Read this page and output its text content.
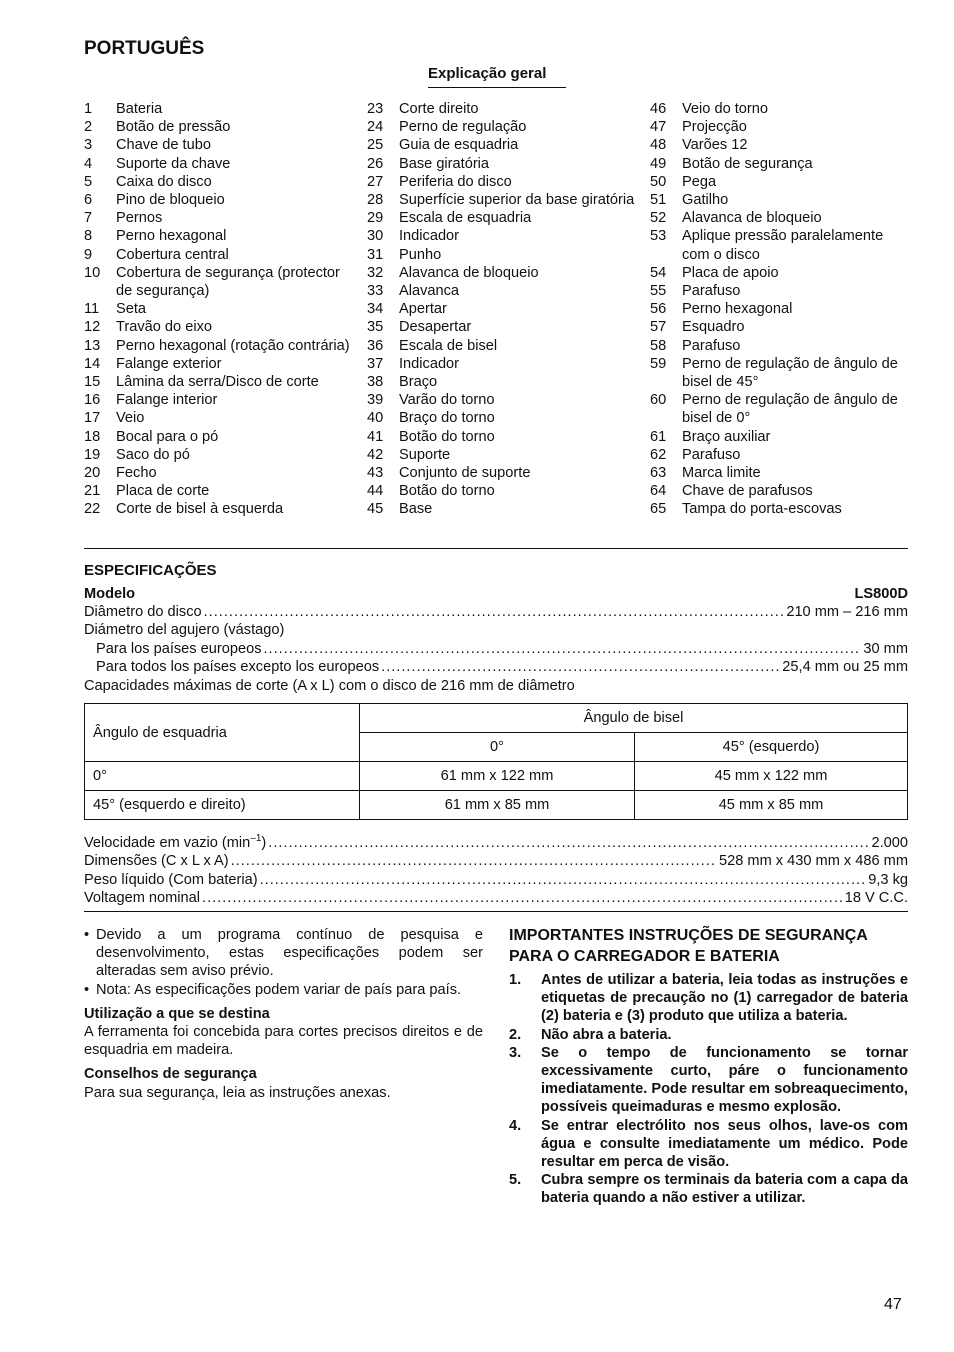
PORTUGUÊS
Explicação geral
1	Bateria
2	Botão de pressão
3	Chave de tubo
4	Suporte da chave
5	Caixa do disco
6	Pino de bloqueio
7	Pernos
8	Perno hexagonal
9	Cobertura central
10	Cobertura de segurança (protector de segurança)
11	Seta
12	Travão do eixo
13	Perno hexagonal (rotação contrária)
14	Falange exterior
15	Lâmina da serra/Disco de corte
16	Falange interior
17	Veio
18	Bocal para o pó
19	Saco do pó
20	Fecho
21	Placa de corte
22	Corte de bisel à esquerda
23	Corte direito
24	Perno de regulação
25	Guia de esquadria
26	Base giratória
27	Periferia do disco
28	Superfície superior da base giratória
29	Escala de esquadria
30	Indicador
31	Punho
32	Alavanca de bloqueio
33	Alavanca
34	Apertar
35	Desapertar
36	Escala de bisel
37	Indicador
38	Braço
39	Varão do torno
40	Braço do torno
41	Botão do torno
42	Suporte
43	Conjunto de suporte
44	Botão do torno
45	Base
46	Veio do torno
47	Projecção
48	Varões 12
49	Botão de segurança
50	Pega
51	Gatilho
52	Alavanca de bloqueio
53	Aplique pressão paralelamente com o disco
54	Placa de apoio
55	Parafuso
56	Perno hexagonal
57	Esquadro
58	Parafuso
59	Perno de regulação de ângulo de bisel de 45°
60	Perno de regulação de ângulo de bisel de 0°
61	Braço auxiliar
62	Parafuso
63	Marca limite
64	Chave de parafusos
65	Tampa do porta-escovas
ESPECIFICAÇÕES
Modelo	LS800D
Diâmetro do disco .....	210 mm – 216 mm
Diámetro del agujero (vástago)
Para los países europeos .....	30 mm
Para todos los países excepto los europeos .....	25,4 mm ou 25 mm
Capacidades máximas de corte (A x L) com o disco de 216 mm de diâmetro
Ângulo de esquadria	Ângulo de bisel	
	0°	45° (esquerdo)
0°	61 mm x 122 mm	45 mm x 122 mm
45° (esquerdo e direito)	61 mm x 85 mm	45 mm x 85 mm
Velocidade em vazio $(\min^{-1})$ .....	2.000
Dimensões (C x L x A) .....	528 mm x 430 mm x 486 mm
Peso líquido (Com bateria) .....	9,3 kg
Voltagem nominal .....	18 V C.C.
• Devido a um programa contínuo de pesquisa e desenvolvimento, estas especificações podem ser alteradas sem aviso prévio.
• Nota: As especificações podem variar de país para país.
Utilização a que se destina
A ferramenta foi concebida para cortes precisos direitos e de esquadria em madeira.
Conselhos de segurança
Para sua segurança, leia as instruções anexas.
IMPORTANTES INSTRUÇÕES DE SEGURANÇA PARA O CARREGADOR E BATERIA
1.	Antes de utilizar a bateria, leia todas as instruções e etiquetas de precaução no (1) carregador de bateria (2) bateria e (3) produto que utiliza a bateria.
2.	Não abra a bateria.
3.	Se o tempo de funcionamento se tornar excessivamente curto, páre o funcionamento imediatamente. Pode resultar em sobreaquecimento, possíveis queimaduras e mesmo explosão.
4.	Se entrar electrólito nos seus olhos, lave-os com água e consulte imediatamente um médico. Pode resultar em perca de visão.
5.	Cubra sempre os terminais da bateria com a capa da bateria quando a não estiver a utilizar.
47
